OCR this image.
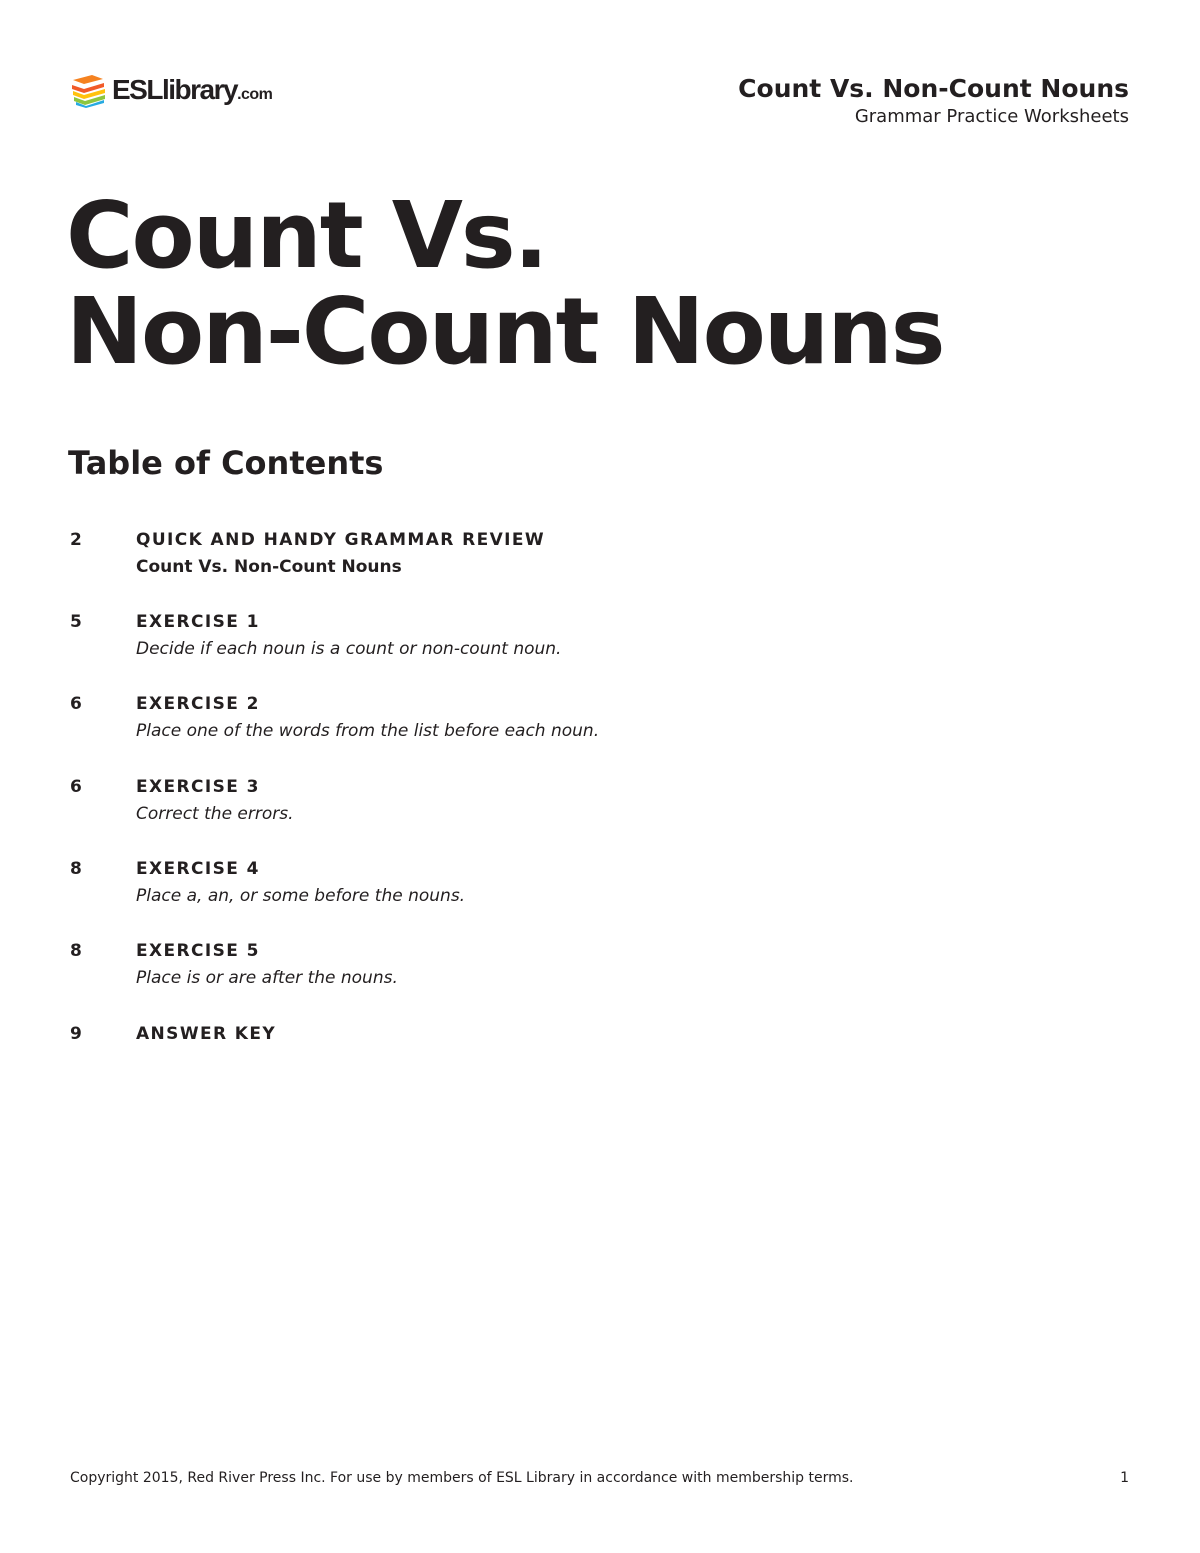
ESLlibrary.com	Count Vs. Non-Count Nouns
Grammar Practice Worksheets
Count Vs.
Non-Count Nouns
Table of Contents
2	QUICK AND HANDY GRAMMAR REVIEW
Count Vs. Non-Count Nouns
5	EXERCISE 1
Decide if each noun is a count or non-count noun.
6	EXERCISE 2
Place one of the words from the list before each noun.
6	EXERCISE 3
Correct the errors.
8	EXERCISE 4
Place a, an, or some before the nouns.
8	EXERCISE 5
Place is or are after the nouns.
9	ANSWER KEY
Copyright 2015, Red River Press Inc. For use by members of ESL Library in accordance with membership terms.	1
